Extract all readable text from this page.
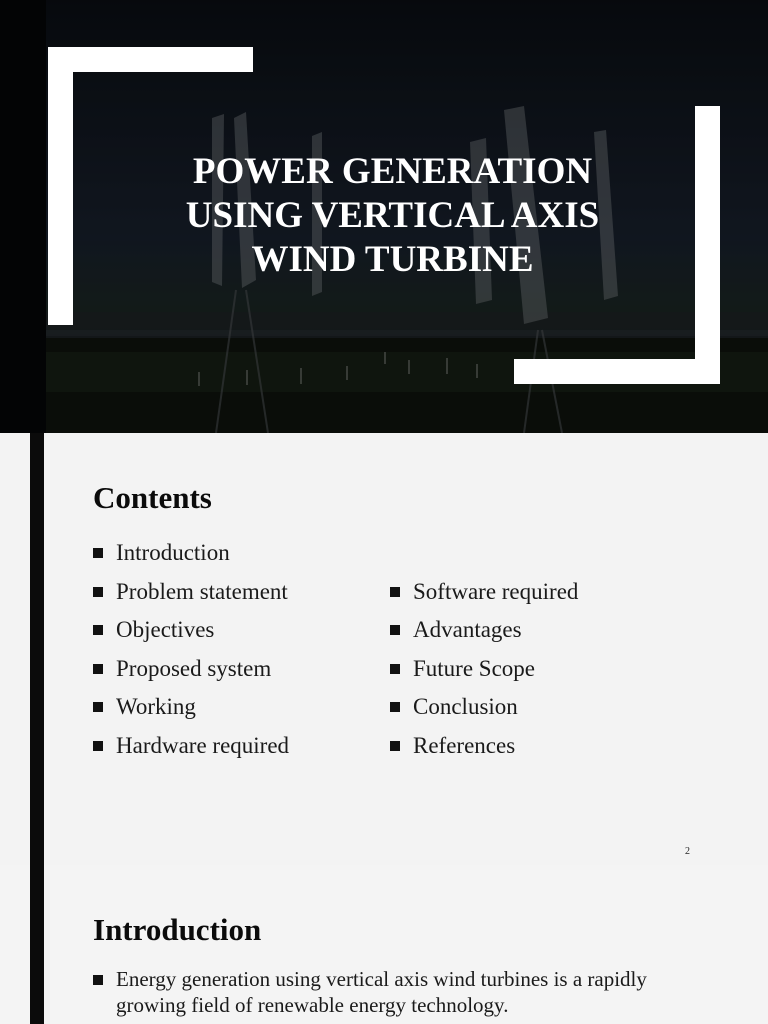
POWER GENERATION
USING VERTICAL AXIS
WIND TURBINE
Contents
Introduction
Problem statement
Objectives
Proposed system
Working
Hardware required
Software required
Advantages
Future Scope
Conclusion
References
2
Introduction
Energy generation using vertical axis wind turbines is a rapidly growing field of renewable energy technology.
